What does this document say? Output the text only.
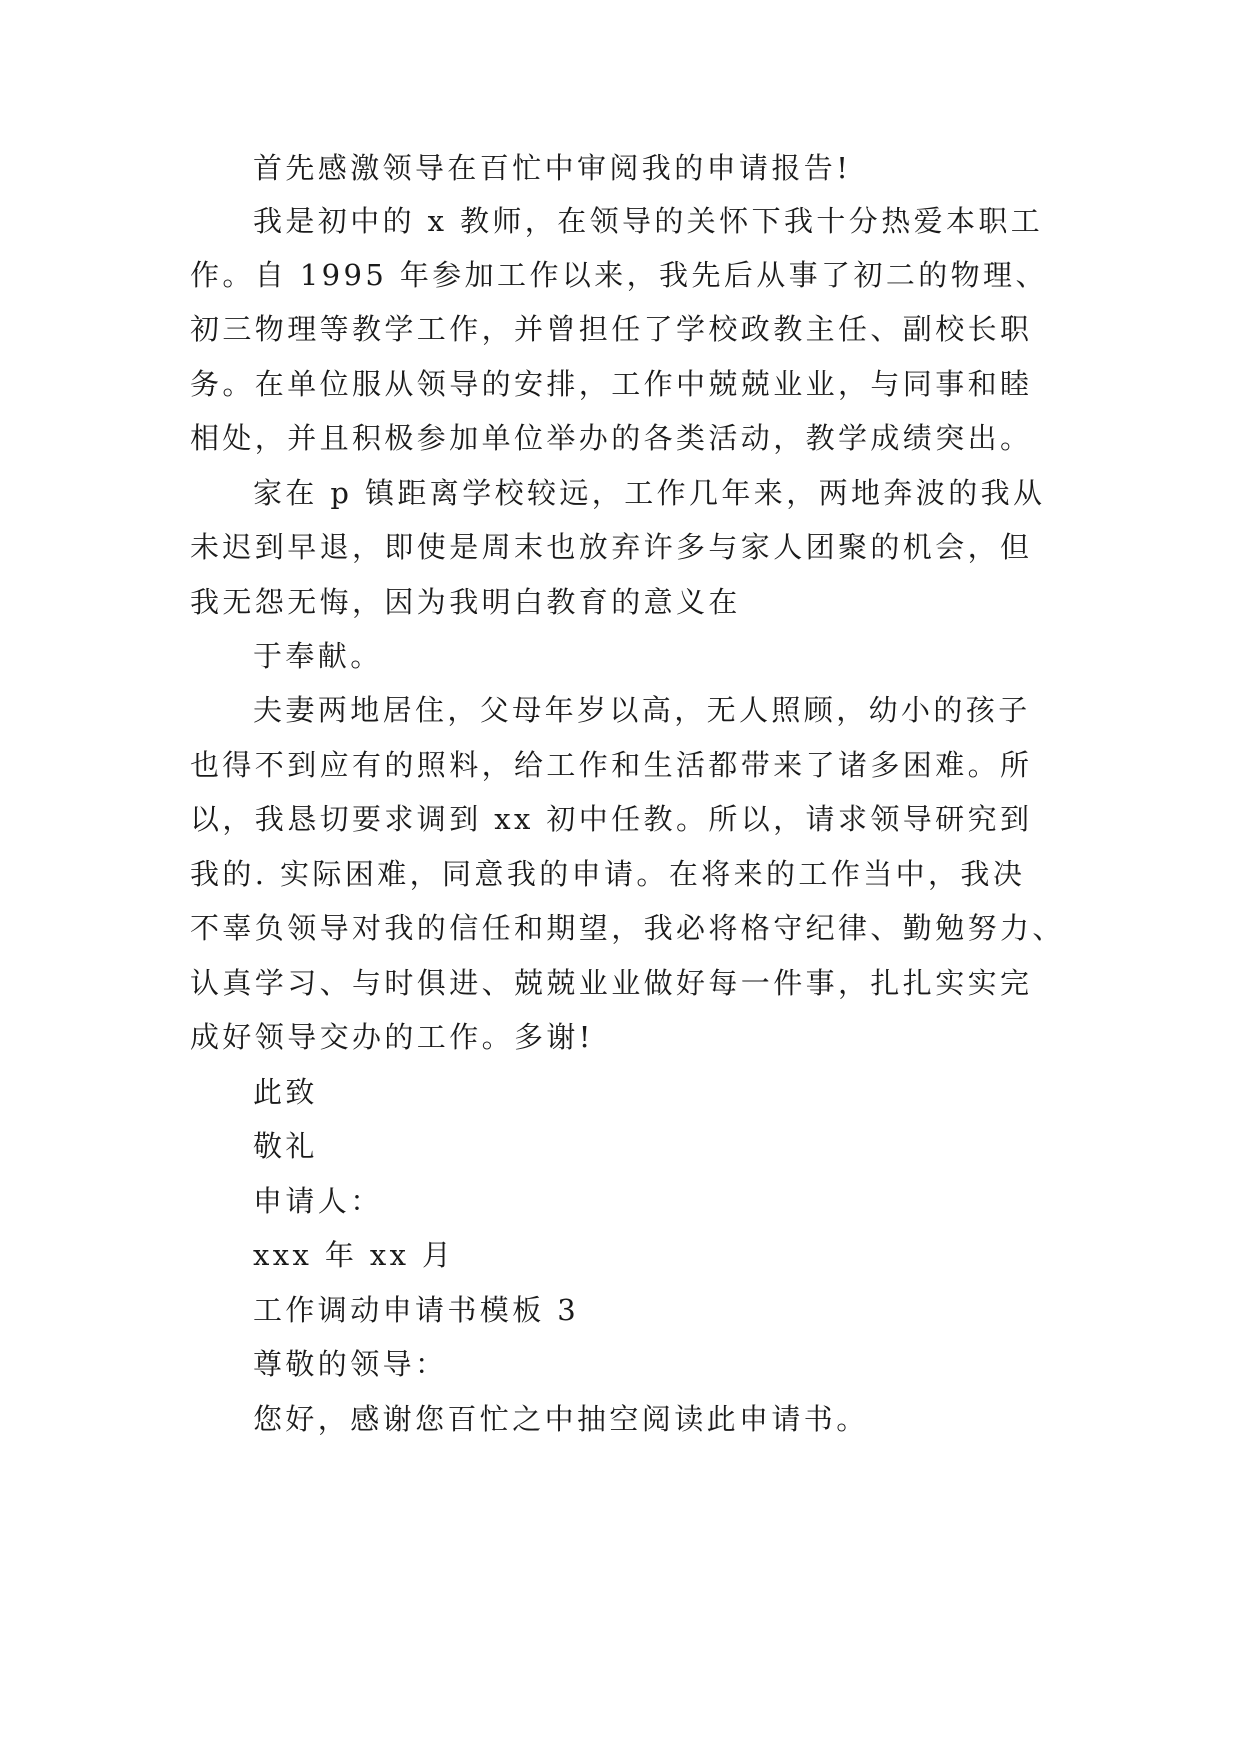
首先感激领导在百忙中审阅我的申请报告!
我是初中的 x 教师，在领导的关怀下我十分热爱本职工
作。自 1995 年参加工作以来，我先后从事了初二的物理、
初三物理等教学工作，并曾担任了学校政教主任、副校长职
务。在单位服从领导的安排，工作中兢兢业业，与同事和睦
相处，并且积极参加单位举办的各类活动，教学成绩突出。
家在 p 镇距离学校较远，工作几年来，两地奔波的我从
未迟到早退，即使是周末也放弃许多与家人团聚的机会，但
我无怨无悔，因为我明白教育的意义在
于奉献。
夫妻两地居住，父母年岁以高，无人照顾，幼小的孩子
也得不到应有的照料，给工作和生活都带来了诸多困难。所
以，我恳切要求调到 xx 初中任教。所以，请求领导研究到
我的. 实际困难，同意我的申请。在将来的工作当中，我决
不辜负领导对我的信任和期望，我必将格守纪律、勤勉努力、
认真学习、与时俱进、兢兢业业做好每一件事，扎扎实实完
成好领导交办的工作。多谢!
此致
敬礼
申请人：
xxx 年 xx 月
工作调动申请书模板 3
尊敬的领导：
您好，感谢您百忙之中抽空阅读此申请书。
